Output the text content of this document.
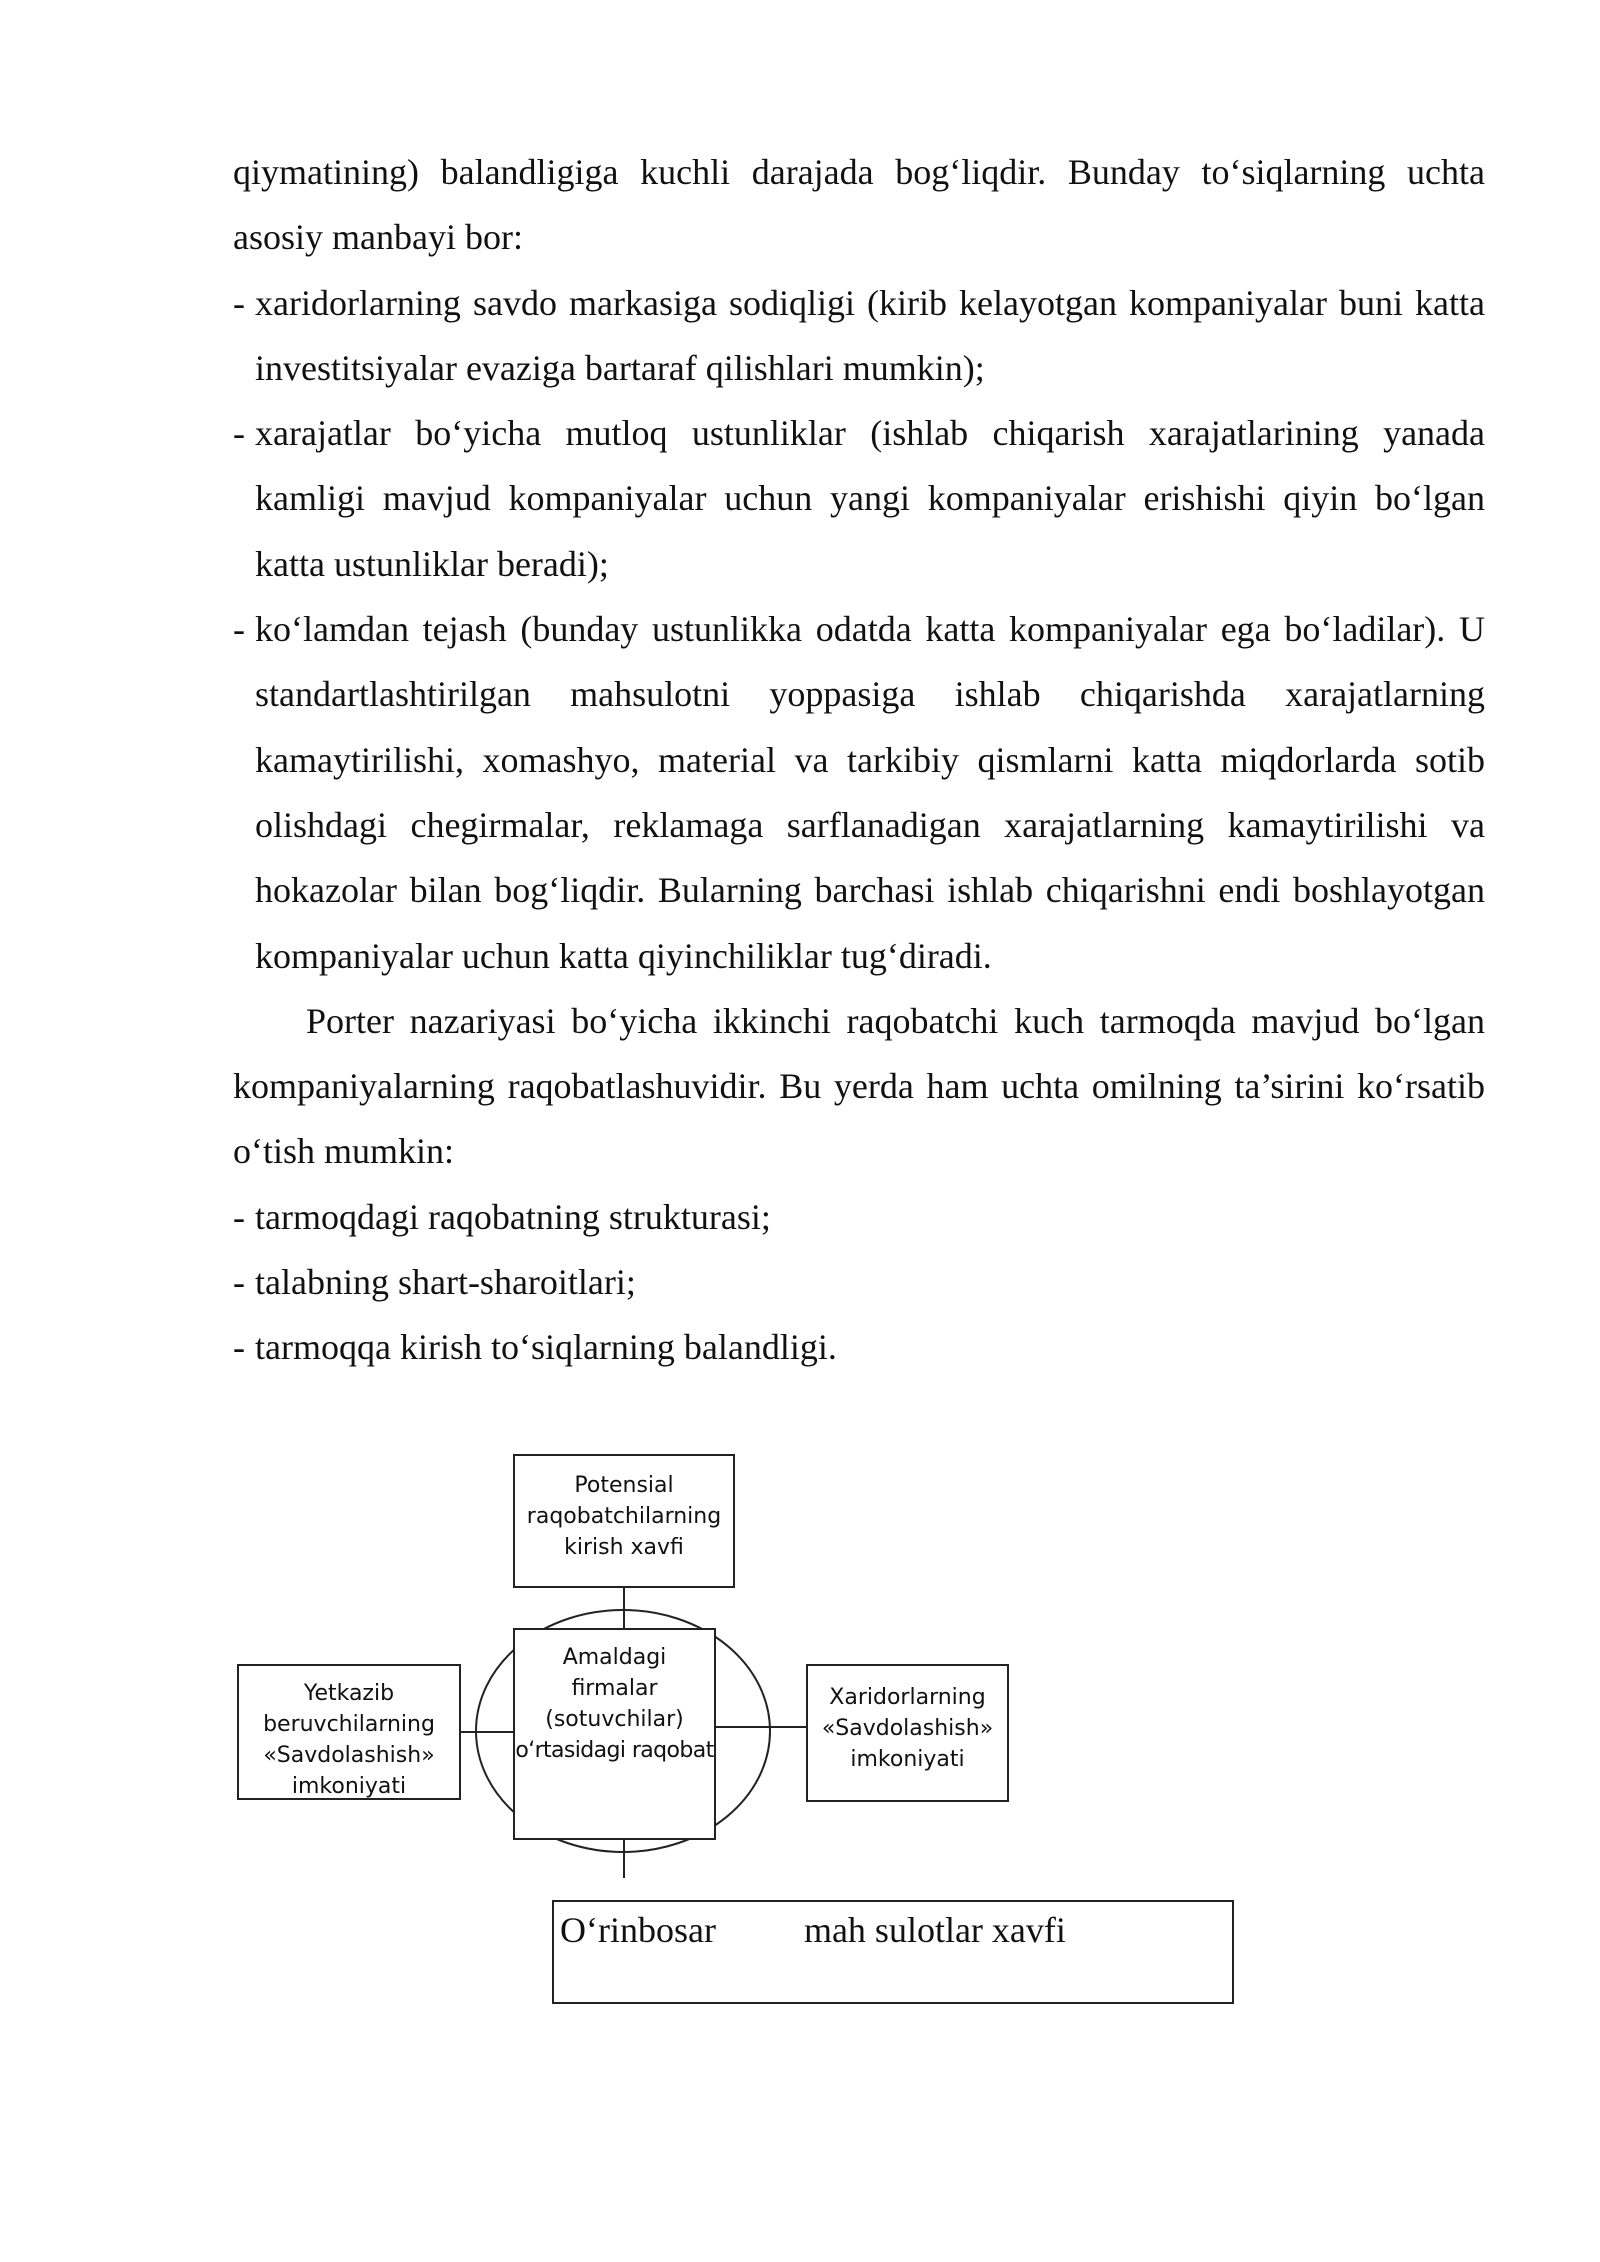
qiymatining) balandligiga kuchli darajada bog‘liqdir. Bunday to‘siqlarning uchta asosiy manbayi bor:

-xaridorlarning savdo markasiga sodiqligi (kirib kelayotgan kompaniyalar buni katta investitsiyalar evaziga bartaraf qilishlari mumkin);

-xarajatlar bo‘yicha mutloq ustunliklar (ishlab chiqarish xarajatlarining yanada kamligi mavjud kompaniyalar uchun yangi kompaniyalar erishishi qiyin bo‘lgan katta ustunliklar beradi);

-ko‘lamdan tejash (bunday ustunlikka odatda katta kompaniyalar ega bo‘ladilar). U standartlashtirilgan mahsulotni yoppasiga ishlab chiqarishda xarajatlarning kamaytirilishi, xomashyo, material va tarkibiy qismlarni katta miqdorlarda sotib olishdagi chegirmalar, reklamaga sarflanadigan xarajatlarning kamaytirilishi va hokazolar bilan bog‘liqdir. Bularning barchasi ishlab chiqarishni endi boshlayotgan kompaniyalar uchun katta qiyinchiliklar tug‘diradi.

Porter nazariyasi bo‘yicha ikkinchi raqobatchi kuch tarmoqda mavjud bo‘lgan kompaniyalarning raqobatlashuvidir. Bu yerda ham uchta omilning ta’sirini ko‘rsatib o‘tish mumkin:

-tarmoqdagi raqobatning strukturasi;

-talabning shart-sharoitlari;

-tarmoqqa kirish to‘siqlarning balandligi.

Potensial
raqobatchilarning
kirish xavfi
Yetkazib
beruvchilarning
«Savdolashish»
imkoniyati
Amaldagi
firmalar
(sotuvchilar)
o‘rtasidagi raqobat
Xaridorlarning
«Savdolashish»
imkoniyati
O‘rinbosar mah sulotlar xavfi
